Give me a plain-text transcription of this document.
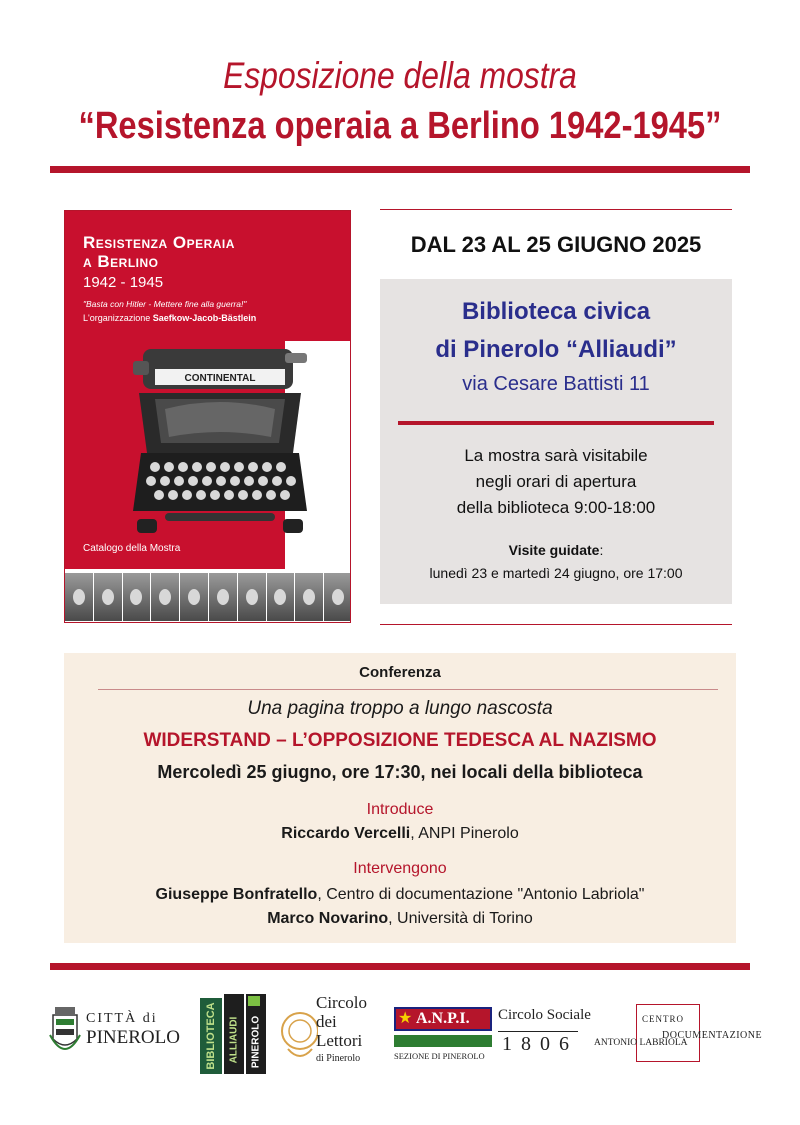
Esposizione della mostra
“Resistenza operaia a Berlino 1942-1945”
Resistenza Operaia
a Berlino
1942 - 1945
"Basta con Hitler - Mettere fine alla guerra!"
L'organizzazione Saefkow-Jacob-Bästlein
CONTINENTAL
Catalogo della Mostra
DAL 23 AL 25 GIUGNO 2025
Biblioteca civica
di Pinerolo “Alliaudi”
via Cesare Battisti 11
La mostra sarà visitabile
negli orari di apertura
della biblioteca 9:00-18:00
Visite guidate:
lunedì 23 e martedì 24 giugno, ore 17:00
Conferenza
Una pagina troppo a lungo nascosta
WIDERSTAND – L’OPPOSIZIONE TEDESCA AL NAZISMO
Mercoledì 25 giugno, ore 17:30, nei locali della biblioteca
Introduce
Riccardo Vercelli, ANPI Pinerolo
Intervengono
Giuseppe Bonfratello, Centro di documentazione "Antonio Labriola"
Marco Novarino, Università di Torino
CITTÀ di
PINEROLO BIBLIOTECA ALLIAUDI PINEROLO
Circolo
dei
Lettori
di Pinerolo
★ A.N.P.I.
SEZIONE DI PINEROLO
Circolo Sociale
1 8 0 6
CENTRO
DOCUMENTAZIONE
ANTONIO LABRIOLA
